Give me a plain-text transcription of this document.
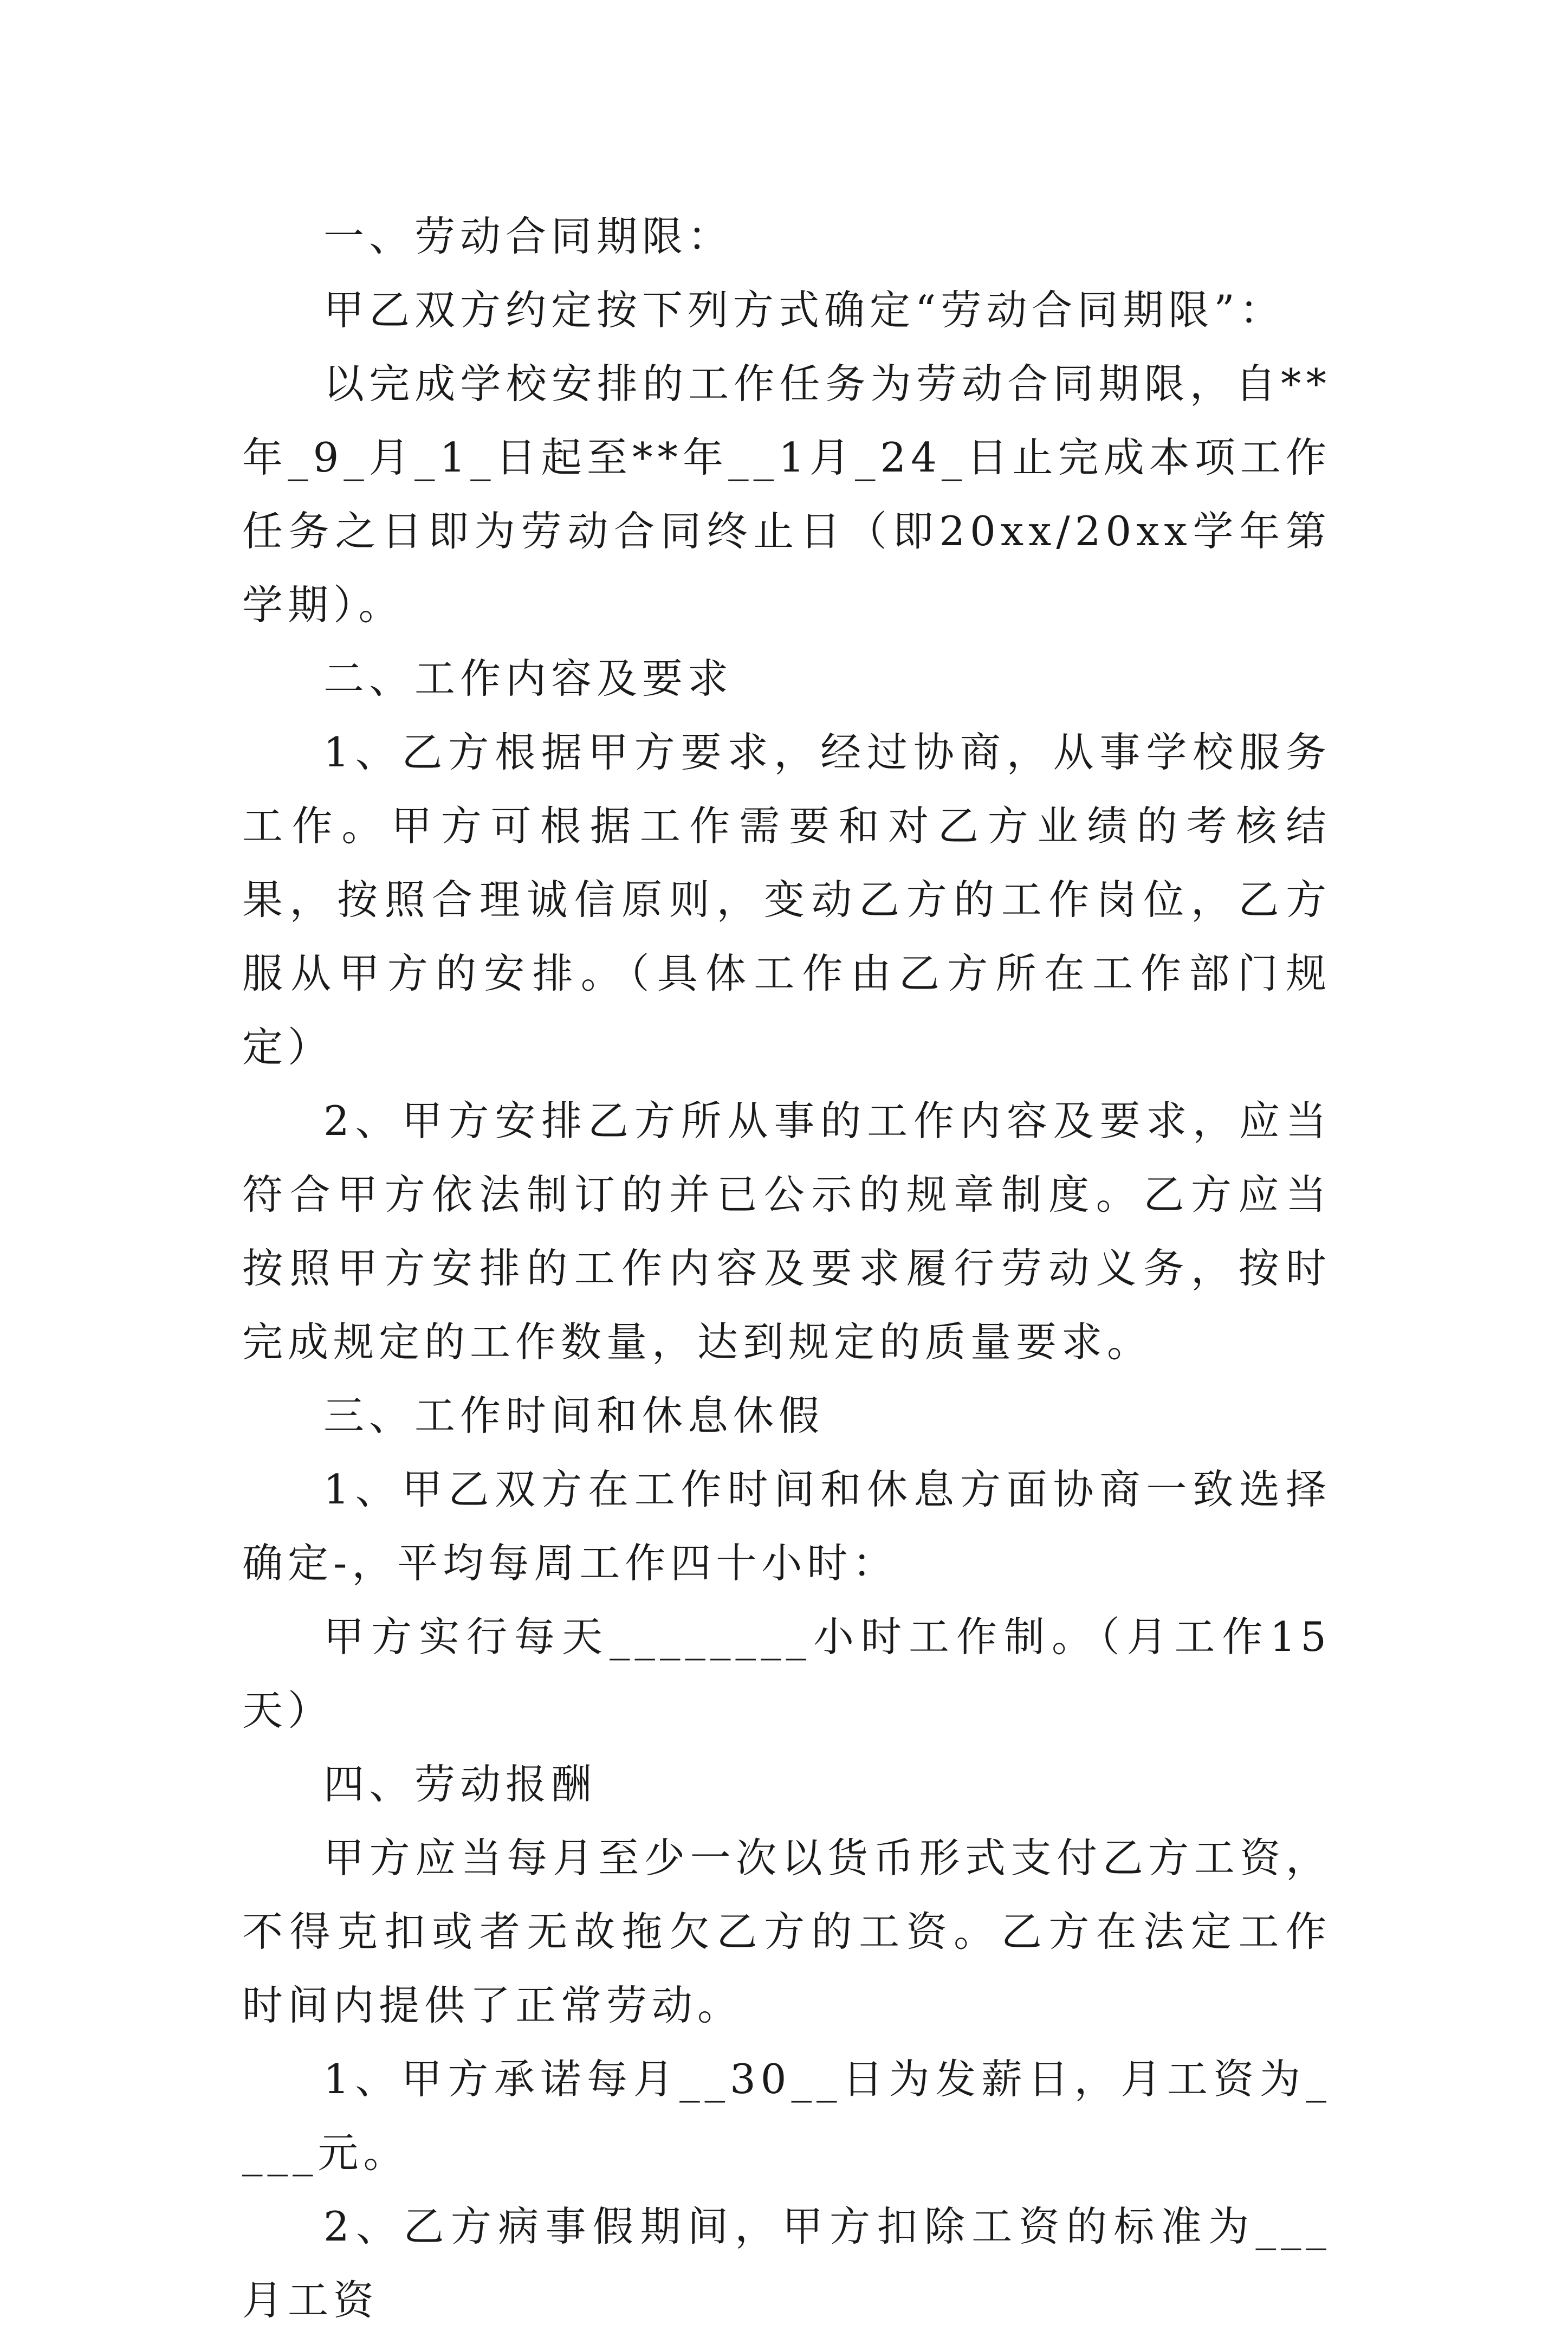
一、劳动合同期限：

甲乙双方约定按下列方式确定“劳动合同期限”：

以完成学校安排的工作任务为劳动合同期限，自**年_9_月_1_日起至**年__1月_24_日止完成本项工作任务之日即为劳动合同终止日（即20xx/20xx学年第学期）。

二、工作内容及要求

1、乙方根据甲方要求，经过协商，从事学校服务工作。甲方可根据工作需要和对乙方业绩的考核结果，按照合理诚信原则，变动乙方的工作岗位，乙方服从甲方的安排。（具体工作由乙方所在工作部门规定）

2、甲方安排乙方所从事的工作内容及要求，应当符合甲方依法制订的并已公示的规章制度。乙方应当按照甲方安排的工作内容及要求履行劳动义务，按时完成规定的工作数量，达到规定的质量要求。

三、工作时间和休息休假

1、甲乙双方在工作时间和休息方面协商一致选择确定-，平均每周工作四十小时：

甲方实行每天________小时工作制。（月工作15天）

四、劳动报酬

甲方应当每月至少一次以货币形式支付乙方工资，不得克扣或者无故拖欠乙方的工资。乙方在法定工作时间内提供了正常劳动。

1、甲方承诺每月__30__日为发薪日，月工资为____元。

2、乙方病事假期间，甲方扣除工资的标准为___月工资
